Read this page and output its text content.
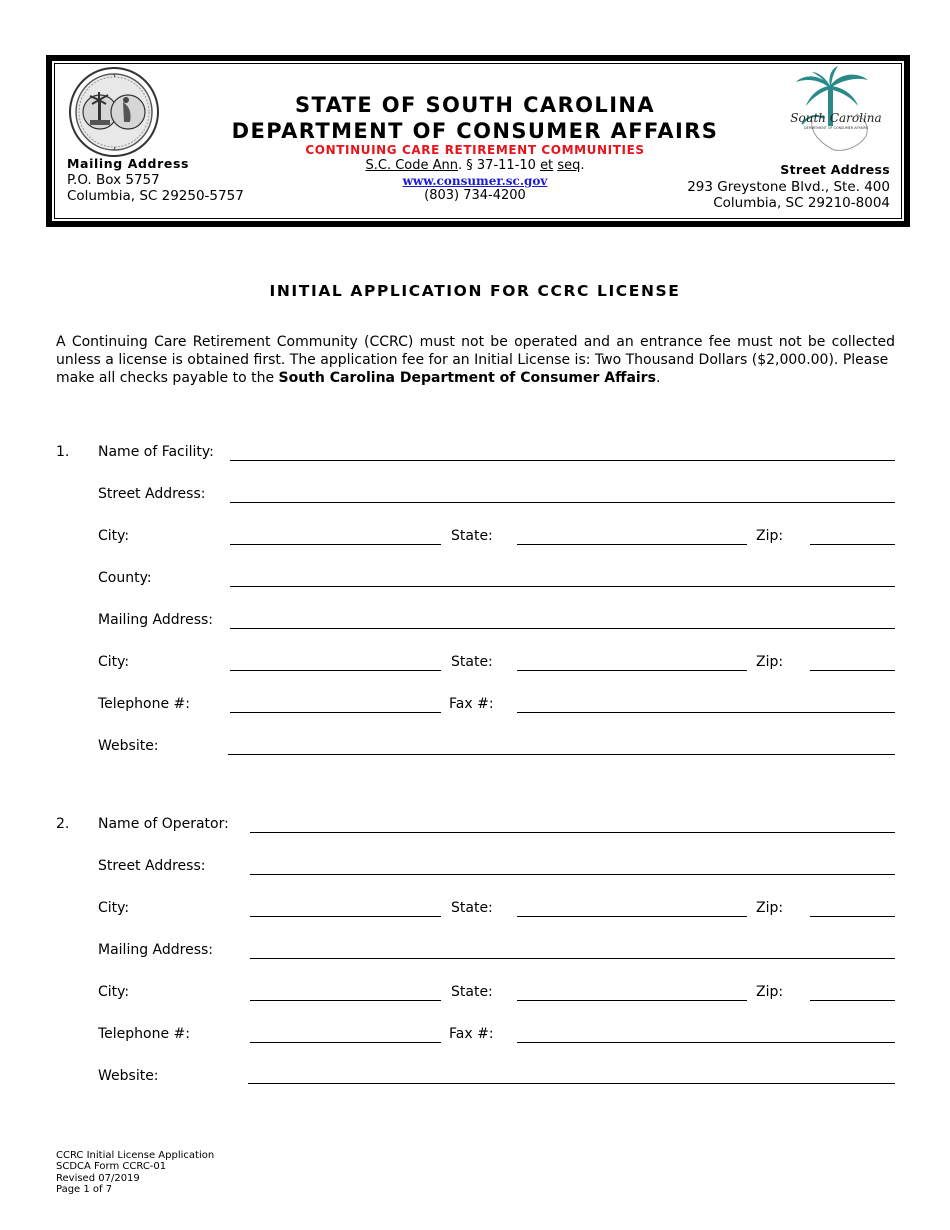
South Carolina
DEPARTMENT OF CONSUMER AFFAIRS
Mailing Address
P.O. Box 5757
Columbia, SC 29250-5757
Street Address
293 Greystone Blvd., Ste. 400
Columbia, SC 29210-8004
STATE OF SOUTH CAROLINA
DEPARTMENT OF CONSUMER AFFAIRS
CONTINUING CARE RETIREMENT COMMUNITIES
S.C. Code Ann. § 37-11-10 et seq.
www.consumer.sc.gov
(803) 734-4200
INITIAL APPLICATION FOR CCRC LICENSE
A Continuing Care Retirement Community (CCRC) must not be operated and an entrance fee must not be collected unless a license is obtained first. The application fee for an Initial License is: Two Thousand Dollars ($2,000.00). Please
make all checks payable to the South Carolina Department of Consumer Affairs.
1. Name of Facility:
Street Address:
City:	State:	Zip:
County:
Mailing Address:
City:	State:	Zip:
Telephone #:	Fax #:
Website:
2. Name of Operator:
Street Address:
City:	State:	Zip:
Mailing Address:
City:	State:	Zip:
Telephone #:	Fax #:
Website:
CCRC Initial License Application
SCDCA Form CCRC-01
Revised 07/2019
Page 1 of 7
